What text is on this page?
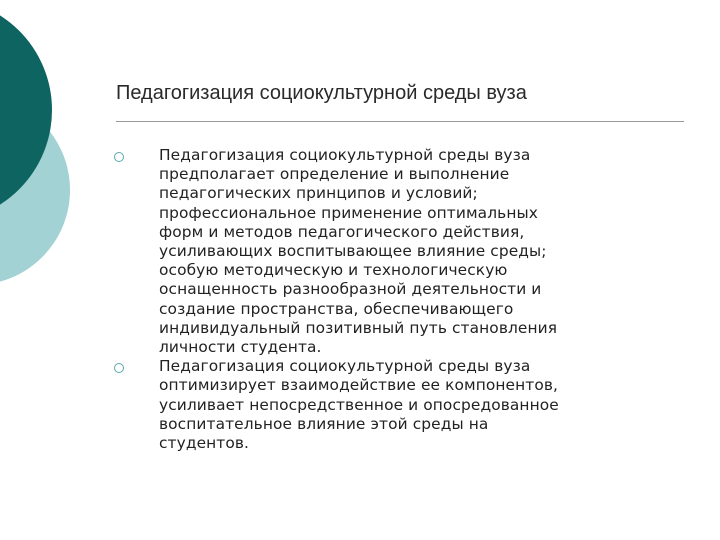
Педагогизация социокультурной среды вуза
Педагогизация социокультурной среды вуза
предполагает определение и выполнение
педагогических принципов и условий;
профессиональное применение оптимальных
форм и методов педагогического действия,
усиливающих воспитывающее влияние среды;
особую методическую и технологическую
оснащенность разнообразной деятельности и
создание пространства, обеспечивающего
индивидуальный позитивный путь становления
личности студента.
Педагогизация социокультурной среды вуза
оптимизирует взаимодействие ее компонентов,
усиливает непосредственное и опосредованное
воспитательное влияние этой среды на
студентов.
